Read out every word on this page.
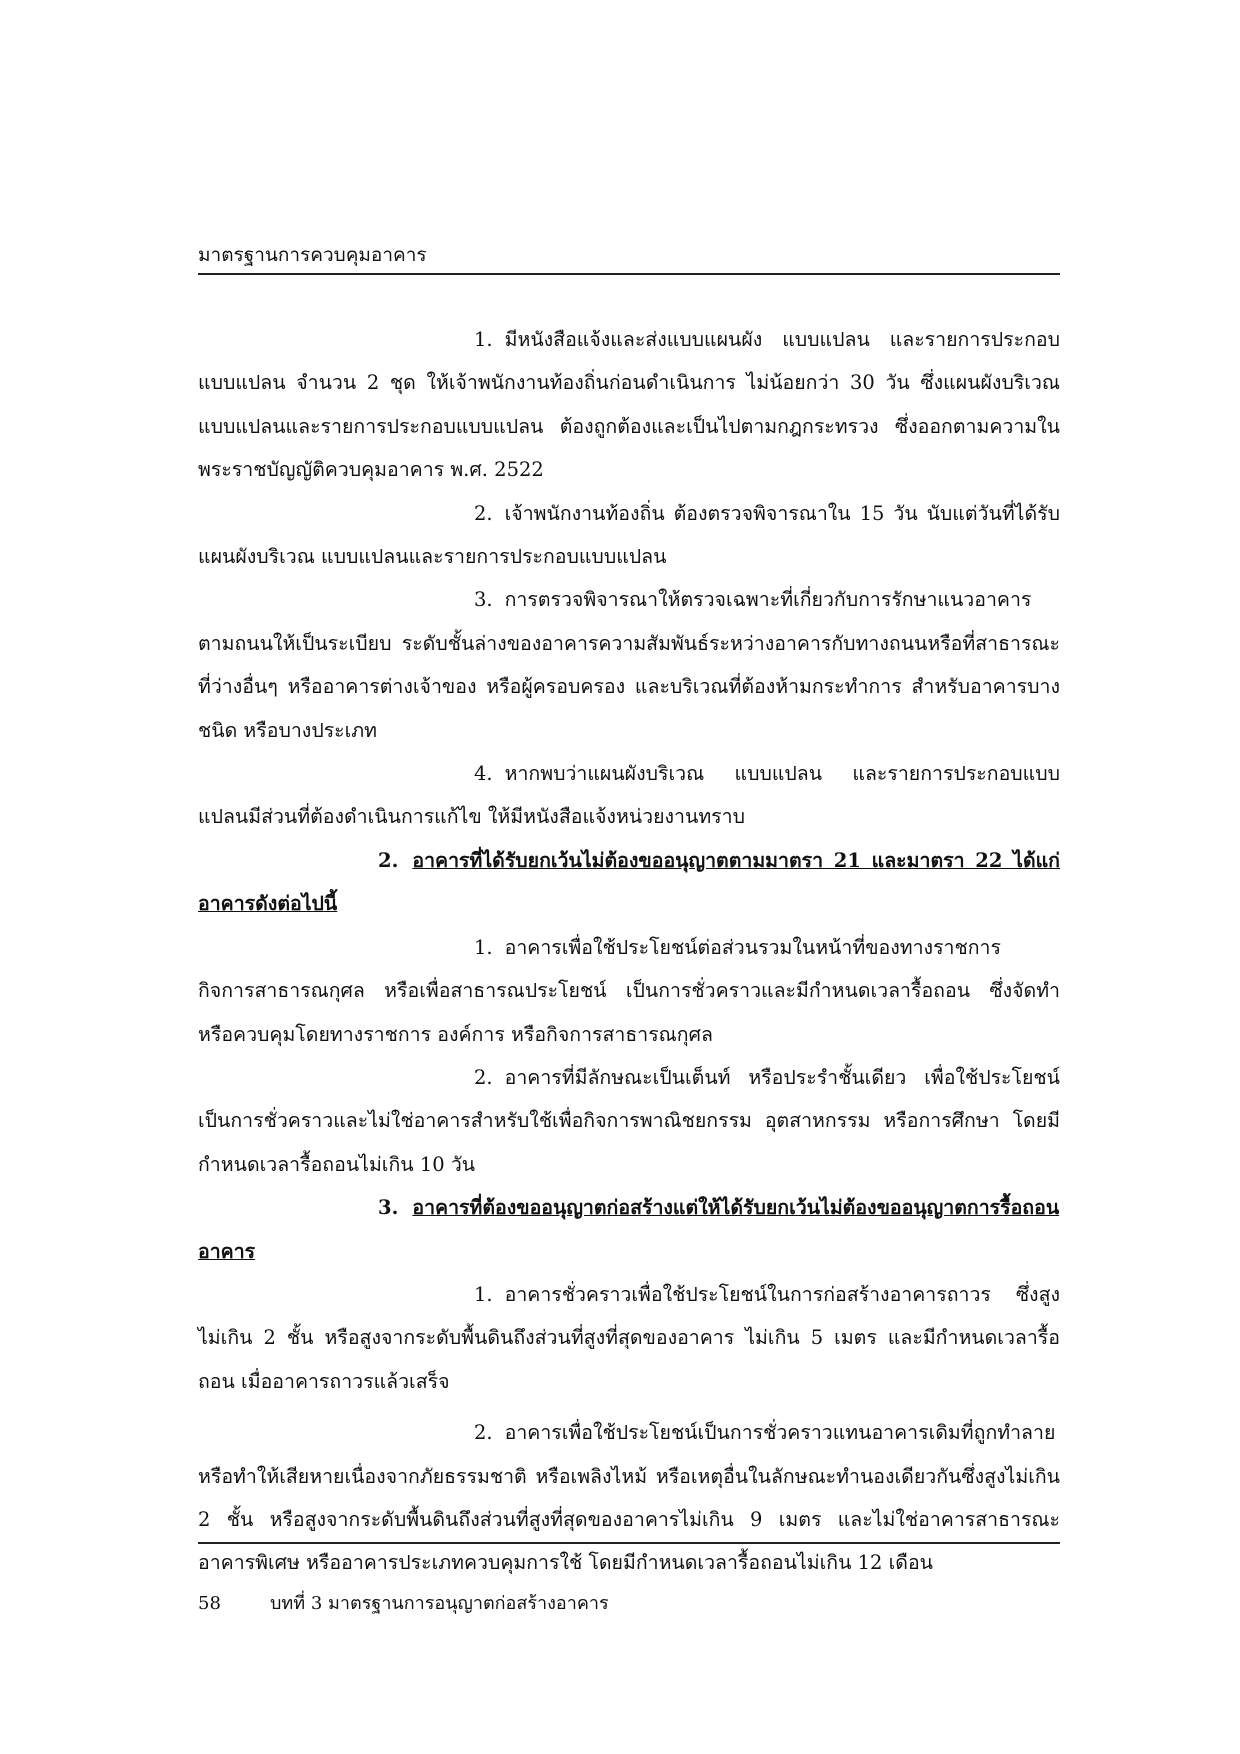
มาตรฐานการควบคุมอาคาร

1. มีหนังสือแจ้งและส่งแบบแผนผัง แบบแปลน และรายการประกอบแบบแปลน จำนวน 2 ชุด ให้เจ้าพนักงานท้องถิ่นก่อนดำเนินการ ไม่น้อยกว่า 30 วัน ซึ่งแผนผังบริเวณ แบบแปลนและรายการประกอบแบบแปลน ต้องถูกต้องและเป็นไปตามกฎกระทรวง ซึ่งออกตามความในพระราชบัญญัติควบคุมอาคาร พ.ศ. 2522

2. เจ้าพนักงานท้องถิ่น ต้องตรวจพิจารณาใน 15 วัน นับแต่วันที่ได้รับแผนผังบริเวณ แบบแปลนและรายการประกอบแบบแปลน

3. การตรวจพิจารณาให้ตรวจเฉพาะที่เกี่ยวกับการรักษาแนวอาคารตามถนนให้เป็นระเบียบ ระดับชั้นล่างของอาคารความสัมพันธ์ระหว่างอาคารกับทางถนนหรือที่สาธารณะที่ว่างอื่นๆ หรืออาคารต่างเจ้าของ หรือผู้ครอบครอง และบริเวณที่ต้องห้ามกระทำการ สำหรับอาคารบางชนิด หรือบางประเภท

4. หากพบว่าแผนผังบริเวณ แบบแปลน และรายการประกอบแบบแปลนมีส่วนที่ต้องดำเนินการแก้ไข ให้มีหนังสือแจ้งหน่วยงานทราบ

2. อาคารที่ได้รับยกเว้นไม่ต้องขออนุญาตตามมาตรา 21 และมาตรา 22 ได้แก่อาคารดังต่อไปนี้

1. อาคารเพื่อใช้ประโยชน์ต่อส่วนรวมในหน้าที่ของทางราชการ กิจการสาธารณกุศล หรือเพื่อสาธารณประโยชน์ เป็นการชั่วคราวและมีกำหนดเวลารื้อถอน ซึ่งจัดทำ หรือควบคุมโดยทางราชการ องค์การ หรือกิจการสาธารณกุศล

2. อาคารที่มีลักษณะเป็นเต็นท์ หรือประรำชั้นเดียว เพื่อใช้ประโยชน์เป็นการชั่วคราวและไม่ใช่อาคารสำหรับใช้เพื่อกิจการพาณิชยกรรม อุตสาหกรรม หรือการศึกษา โดยมีกำหนดเวลารื้อถอนไม่เกิน 10 วัน

3. อาคารที่ต้องขออนุญาตก่อสร้างแต่ให้ได้รับยกเว้นไม่ต้องขออนุญาตการรื้อถอนอาคาร

1. อาคารชั่วคราวเพื่อใช้ประโยชน์ในการก่อสร้างอาคารถาวร ซึ่งสูงไม่เกิน 2 ชั้น หรือสูงจากระดับพื้นดินถึงส่วนที่สูงที่สุดของอาคาร ไม่เกิน 5 เมตร และมีกำหนดเวลารื้อถอน เมื่ออาคารถาวรแล้วเสร็จ

2. อาคารเพื่อใช้ประโยชน์เป็นการชั่วคราวแทนอาคารเดิมที่ถูกทำลาย หรือทำให้เสียหายเนื่องจากภัยธรรมชาติ หรือเพลิงไหม้ หรือเหตุอื่นในลักษณะทำนองเดียวกันซึ่งสูงไม่เกิน 2 ชั้น หรือสูงจากระดับพื้นดินถึงส่วนที่สูงที่สุดของอาคารไม่เกิน 9 เมตร และไม่ใช่อาคารสาธารณะ อาคารพิเศษ หรืออาคารประเภทควบคุมการใช้ โดยมีกำหนดเวลารื้อถอนไม่เกิน 12 เดือน

58	บทที่ 3 มาตรฐานการอนุญาตก่อสร้างอาคาร
